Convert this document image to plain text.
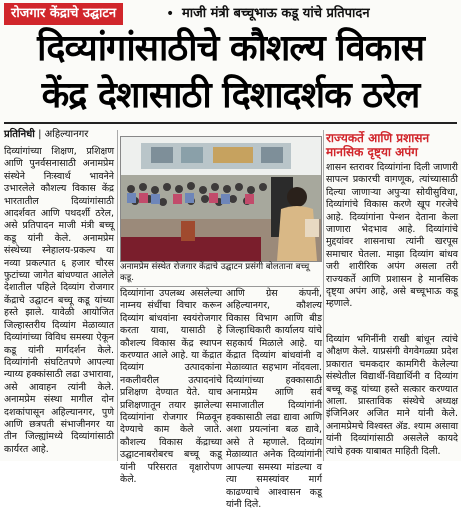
रोजगार केंद्राचे उद्घाटन	• माजी मंत्री बच्चूभाऊ कडू यांचे प्रतिपादन
दिव्यांगांसाठीचे कौशल्य विकास
केंद्र देशासाठी दिशादर्शक ठरेल
प्रतिनिधी | अहिल्यानगर

दिव्यांगांच्या शिक्षण, प्रशिक्षण आणि पुनर्वसनासाठी अनामप्रेम संस्थेने निःस्वार्थ भावनेने उभारलेले कौशल्य विकास केंद्र भारतातील दिव्यांगांसाठी आदर्शवत आणि पथदर्शी ठरेल, असे प्रतिपादन माजी मंत्री बच्चू कडू यांनी केले. अनामप्रेम संस्थेच्या स्नेहालय-प्रकल्प या नव्या प्रकल्पात ६ हजार चौरस फुटांच्या जागेत बांधण्यात आलेले देशातील पहिले दिव्यांग रोजगार केंद्राचे उद्घाटन बच्चू कडू यांच्या हस्ते झाले. यावेळी आयोजित जिल्हास्तरीय दिव्यांग मेळाव्यात दिव्यांगांच्या विविध समस्या ऐकून कडू यांनी मार्गदर्शन केले. दिव्यांगांनी संघटितपणे आपल्या न्याय्य हक्कांसाठी लढा उभारावा, असे आवाहन त्यांनी केले. अनामप्रेम संस्था मागील दोन दशकांपासून अहिल्यानगर, पुणे आणि छत्रपती संभाजीनगर या तीन जिल्ह्यांमध्ये दिव्यांगांसाठी कार्यरत आहे.

अनामप्रेम संस्थेत रोजगार केंद्राचे उद्घाटन प्रसंगी बोलताना बच्चू कडू.

दिव्यांगांना उपलब्ध असलेल्या नाम्नय संधींचा विचार करून दिव्यांग बांधवांना स्वयंरोजगार करता यावा, यासाठी हे कौशल्य विकास केंद्र स्थापन करण्यात आले आहे. या केंद्रात दिव्यांग उत्पादकांना नकलीवरील उत्पादनांचे प्रशिक्षण देण्यात येते. याच प्रशिक्षणातून तयार झालेल्या दिव्यांगांना रोजगार मिळवून देण्याचे काम केले जाते. कौशल्य विकास केंद्राच्या उद्घाटनाबरोबरच बच्चू कडू यांनी परिसरात वृक्षारोपण केले.

आणि ग्रेस कंपनी, अहिल्यानगर, कौशल्य विकास विभाग आणि बीड जिल्हाधिकारी कार्यालय यांचे सहकार्य मिळाले आहे. या केंद्रात दिव्यांग बांधवांनी व मेळाव्यात सहभाग नोंदवला. दिव्यांगांच्या हक्कासाठी अनामप्रेम आणि सर्व समाजातील दिव्यांगांनी हक्कासाठी लढा द्यावा आणि अशा प्रयत्नांना बळ द्यावे, असे ते म्हणाले. दिव्यांग मेळाव्यात अनेक दिव्यांगांनी आपल्या समस्या मांडल्या व त्या समस्यांवर मार्ग काढण्याचे आश्वासन कडू यांनी दिले.

राज्यकर्ते आणि प्रशासन मानसिक दृष्ट्या अपंग

शासन स्तरावर दिव्यांगांना दिली जाणारी सापत्न प्रकारची वागणूक, त्यांच्यासाठी दिल्या जाणाऱ्या अपुऱ्या सोयीसुविधा, दिव्यांगांचे विकास करणे खूप गरजेचे आहे. दिव्यांगांना पेन्शन देताना केला जाणारा भेदभाव आहे. दिव्यांगांचे मुद्दयांवर शासनाचा त्यांनी खरपूस समाचार घेतला. माझा दिव्यांग बांधव जरी शारीरिक अपंग असला तरी राज्यकर्ते आणि प्रशासन हे मानसिक दृष्ट्या अपंग आहे, असे बच्चूभाऊ कडू म्हणाले.

दिव्यांग भगिनींनी राखी बांधून त्यांचे औक्षण केले. याप्रसंगी वेगवेगळ्या प्रदेश प्रकारात चमकदार कामगिरी केलेल्या संस्थेतील विद्यार्थी-विद्यार्थिनी व दिव्यांग बच्चू कडू यांच्या हस्ते सत्कार करण्यात आला. प्रास्ताविक संस्थेचे अध्यक्ष इंजिनिअर अजित माने यांनी केले. अनामप्रेमचे विश्वस्त ॲड. श्याम असावा यांनी दिव्यांगांसाठी असलेले कायदे त्यांचे हक्क याबाबत माहिती दिली.
